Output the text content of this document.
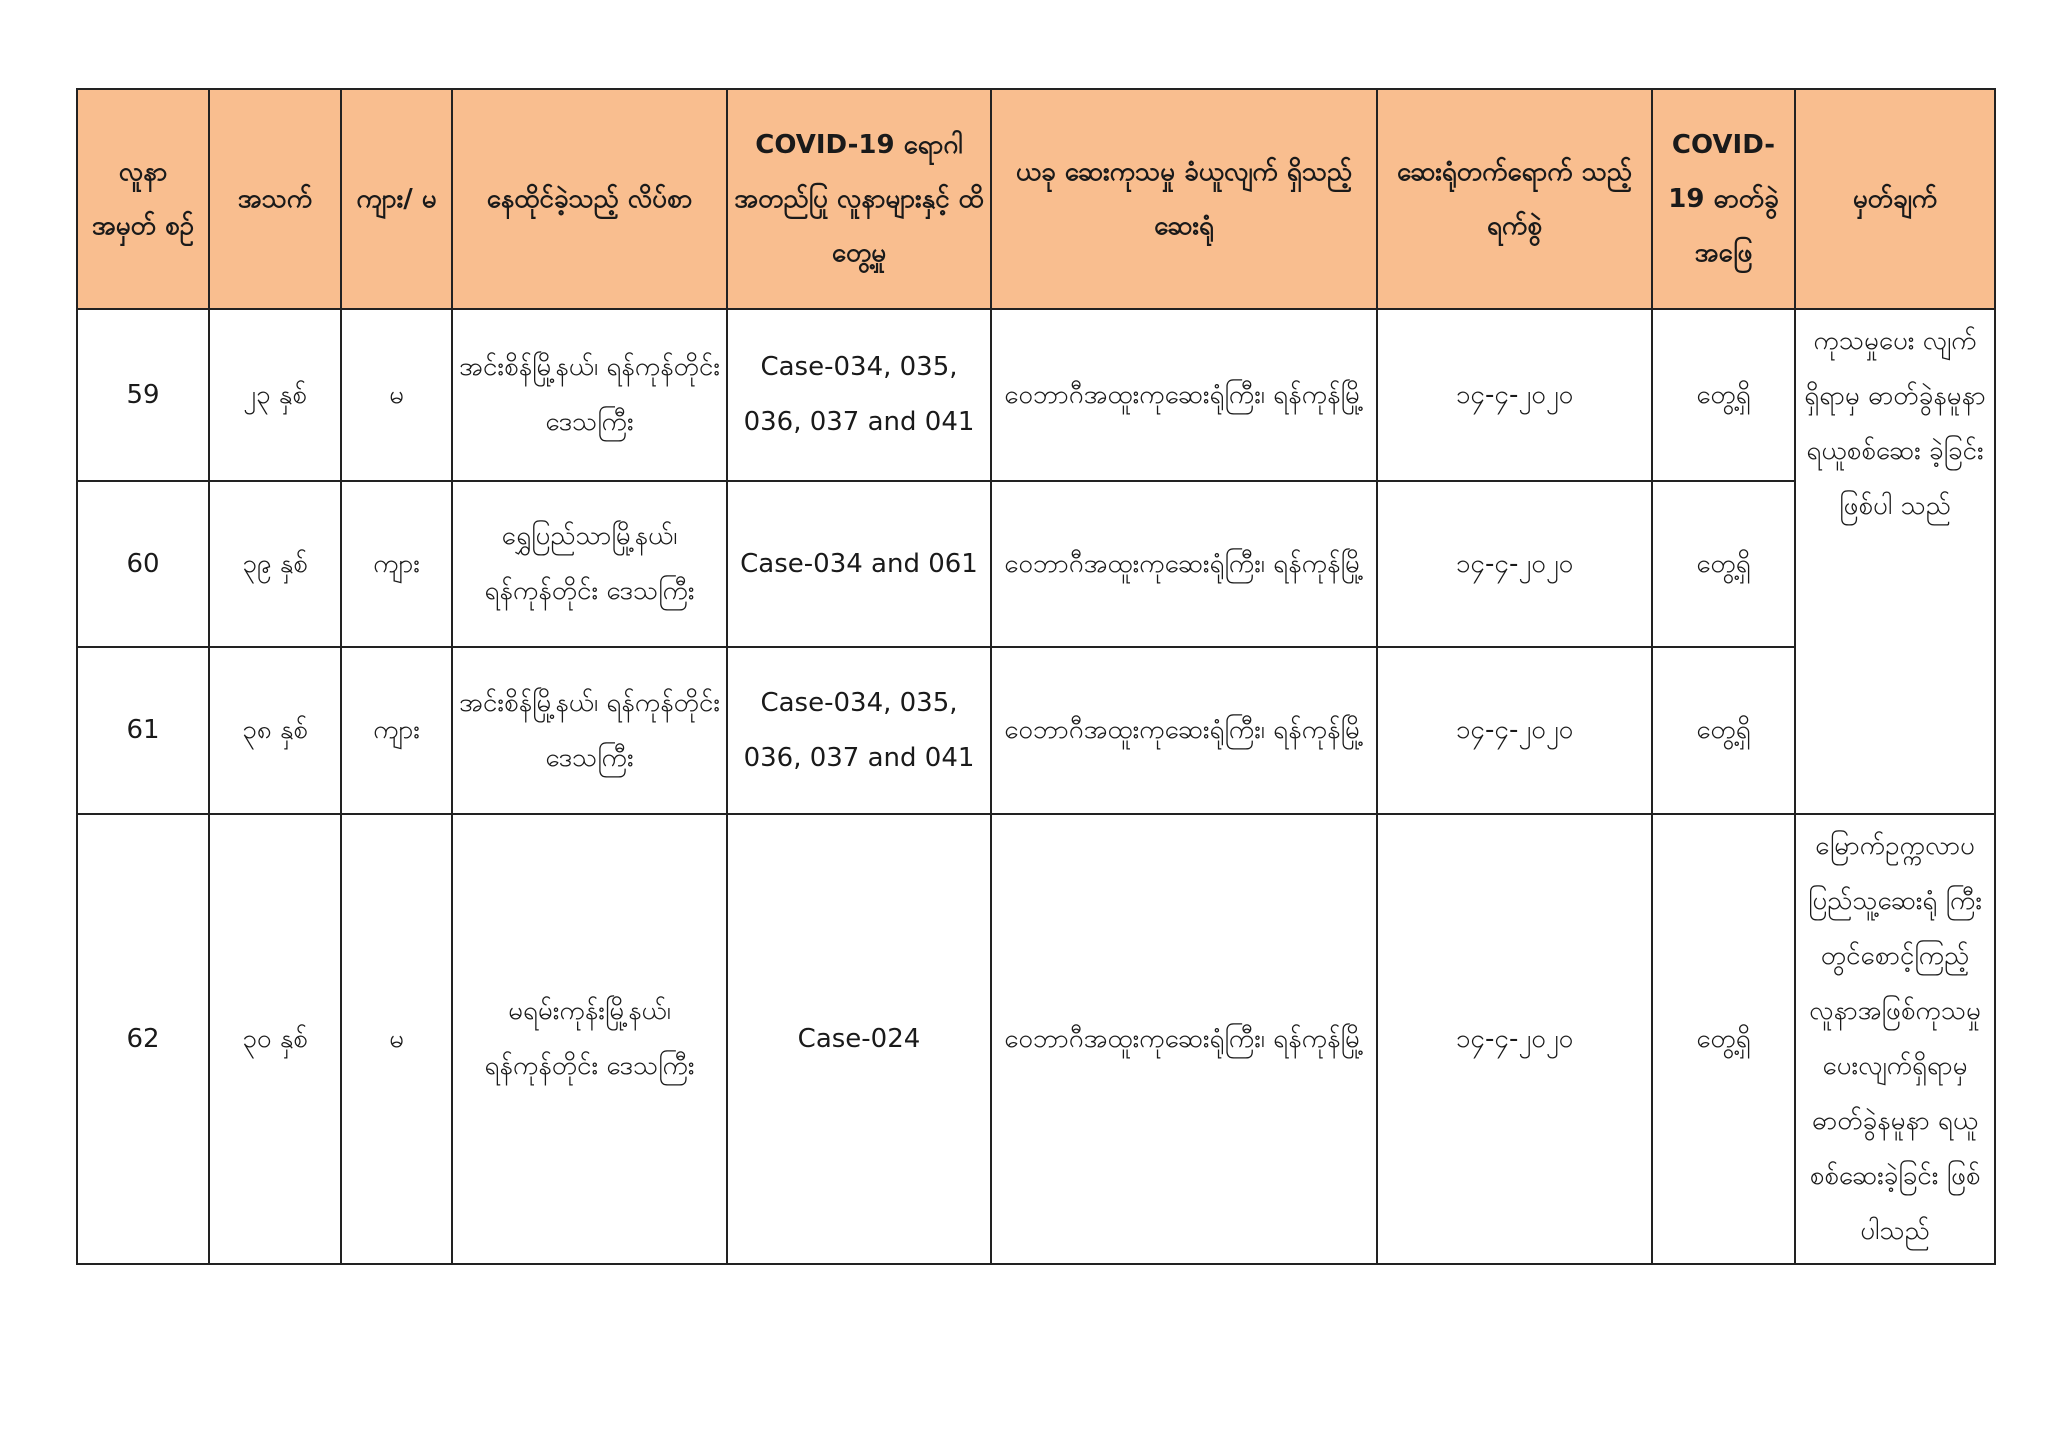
လူနာ အမှတ် စဉ်	အသက်	ကျား/ မ	နေထိုင်ခဲ့သည့် လိပ်စာ	COVID-19 ရောဂါအတည်ပြု လူနာများနှင့် ထိတွေ့မှု	ယခု ဆေးကုသမှု ခံယူလျက် ရှိသည့် ဆေးရုံ	ဆေးရုံတက်ရောက် သည့်ရက်စွဲ	COVID-19 ဓာတ်ခွဲ အဖြေ	မှတ်ချက်
59	၂၃ နှစ်	မ	အင်းစိန်မြို့နယ်၊ ရန်ကုန်တိုင်း ဒေသကြီး	Case-034, 035, 036, 037 and 041	ဝေဘာဂီအထူးကုဆေးရုံကြီး၊ ရန်ကုန်မြို့	၁၄-၄-၂၀၂၀	တွေ့ရှိ	ကုသမှုပေး လျက် ရှိရာမှ ဓာတ်ခွဲနမူနာ ရယူစစ်ဆေး ခဲ့ခြင်းဖြစ်ပါ သည်
60	၃၉ နှစ်	ကျား	ရွှေပြည်သာမြို့နယ်၊ ရန်ကုန်တိုင်း ဒေသကြီး	Case-034 and 061	ဝေဘာဂီအထူးကုဆေးရုံကြီး၊ ရန်ကုန်မြို့	၁၄-၄-၂၀၂၀	တွေ့ရှိ	
61	၃၈ နှစ်	ကျား	အင်းစိန်မြို့နယ်၊ ရန်ကုန်တိုင်း ဒေသကြီး	Case-034, 035, 036, 037 and 041	ဝေဘာဂီအထူးကုဆေးရုံကြီး၊ ရန်ကုန်မြို့	၁၄-၄-၂၀၂၀	တွေ့ရှိ	
62	၃၀ နှစ်	မ	မရမ်းကုန်းမြို့နယ်၊ ရန်ကုန်တိုင်း ဒေသကြီး	Case-024	ဝေဘာဂီအထူးကုဆေးရုံကြီး၊ ရန်ကုန်မြို့	၁၄-၄-၂၀၂၀	တွေ့ရှိ	မြောက်ဥက္ကလာပ ပြည်သူ့ဆေးရုံ ကြီးတွင်စောင့်ကြည့် လူနာအဖြစ်ကုသမှု ပေးလျက်ရှိရာမှ ဓာတ်ခွဲနမူနာ ရယူ စစ်ဆေးခဲ့ခြင်း ဖြစ်ပါသည်
